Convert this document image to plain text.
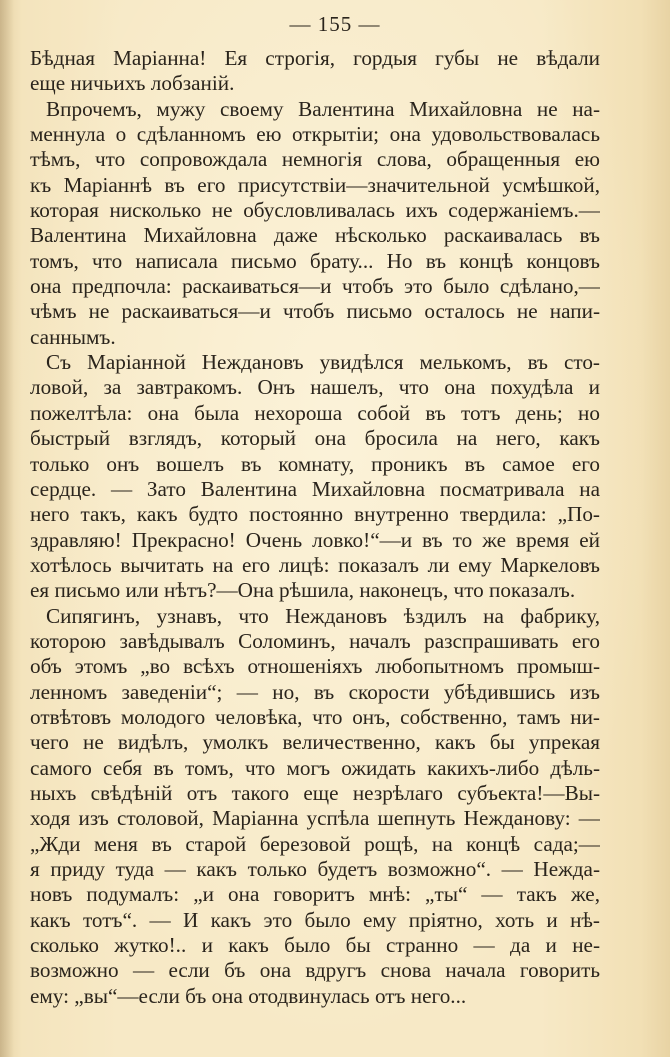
— 155 —
Бѣдная Маріанна! Ея строгія, гордыя губы не вѣдали
еще ничьихъ лобзаній.
Впрочемъ, мужу своему Валентина Михайловна не на-
меннула о сдѣланномъ ею открытіи; она удовольствовалась
тѣмъ, что сопровождала немногія слова, обращенныя ею
къ Маріаннѣ въ его присутствіи—значительной усмѣшкой,
которая нисколько не обусловливалась ихъ содержаніемъ.—
Валентина Михайловна даже нѣсколько раскаивалась въ
томъ, что написала письмо брату... Но въ концѣ концовъ
она предпочла: раскаиваться—и чтобъ это было сдѣлано,—
чѣмъ не раскаиваться—и чтобъ письмо осталось не напи-
саннымъ.
Съ Маріанной Неждановъ увидѣлся мелькомъ, въ сто-
ловой, за завтракомъ. Онъ нашелъ, что она похудѣла и
пожелтѣла: она была нехороша собой въ тотъ день; но
быстрый взглядъ, который она бросила на него, какъ
только онъ вошелъ въ комнату, проникъ въ самое его
сердце. — Зато Валентина Михайловна посматривала на
него такъ, какъ будто постоянно внутренно твердила: „По-
здравляю! Прекрасно! Очень ловко!“—и въ то же время ей
хотѣлось вычитать на его лицѣ: показалъ ли ему Маркеловъ
ея письмо или нѣтъ?—Она рѣшила, наконецъ, что показалъ.
Сипягинъ, узнавъ, что Неждановъ ѣздилъ на фабрику,
которою завѣдывалъ Соломинъ, началъ разспрашивать его
объ этомъ „во всѣхъ отношеніяхъ любопытномъ промыш-
ленномъ заведеніи“; — но, въ скорости убѣдившись изъ
отвѣтовъ молодого человѣка, что онъ, собственно, тамъ ни-
чего не видѣлъ, умолкъ величественно, какъ бы упрекая
самого себя въ томъ, что могъ ожидать какихъ-либо дѣль-
ныхъ свѣдѣній отъ такого еще незрѣлаго субъекта!—Вы-
ходя изъ столовой, Маріанна успѣла шепнуть Нежданову: —
„Жди меня въ старой березовой рощѣ, на концѣ сада;—
я приду туда — какъ только будетъ возможно“. — Нежда-
новъ подумалъ: „и она говоритъ мнѣ: „ты“ — такъ же,
какъ тотъ“. — И какъ это было ему пріятно, хоть и нѣ-
сколько жутко!.. и какъ было бы странно — да и не-
возможно — если бъ она вдругъ снова начала говорить
ему: „вы“—если бъ она отодвинулась отъ него...
